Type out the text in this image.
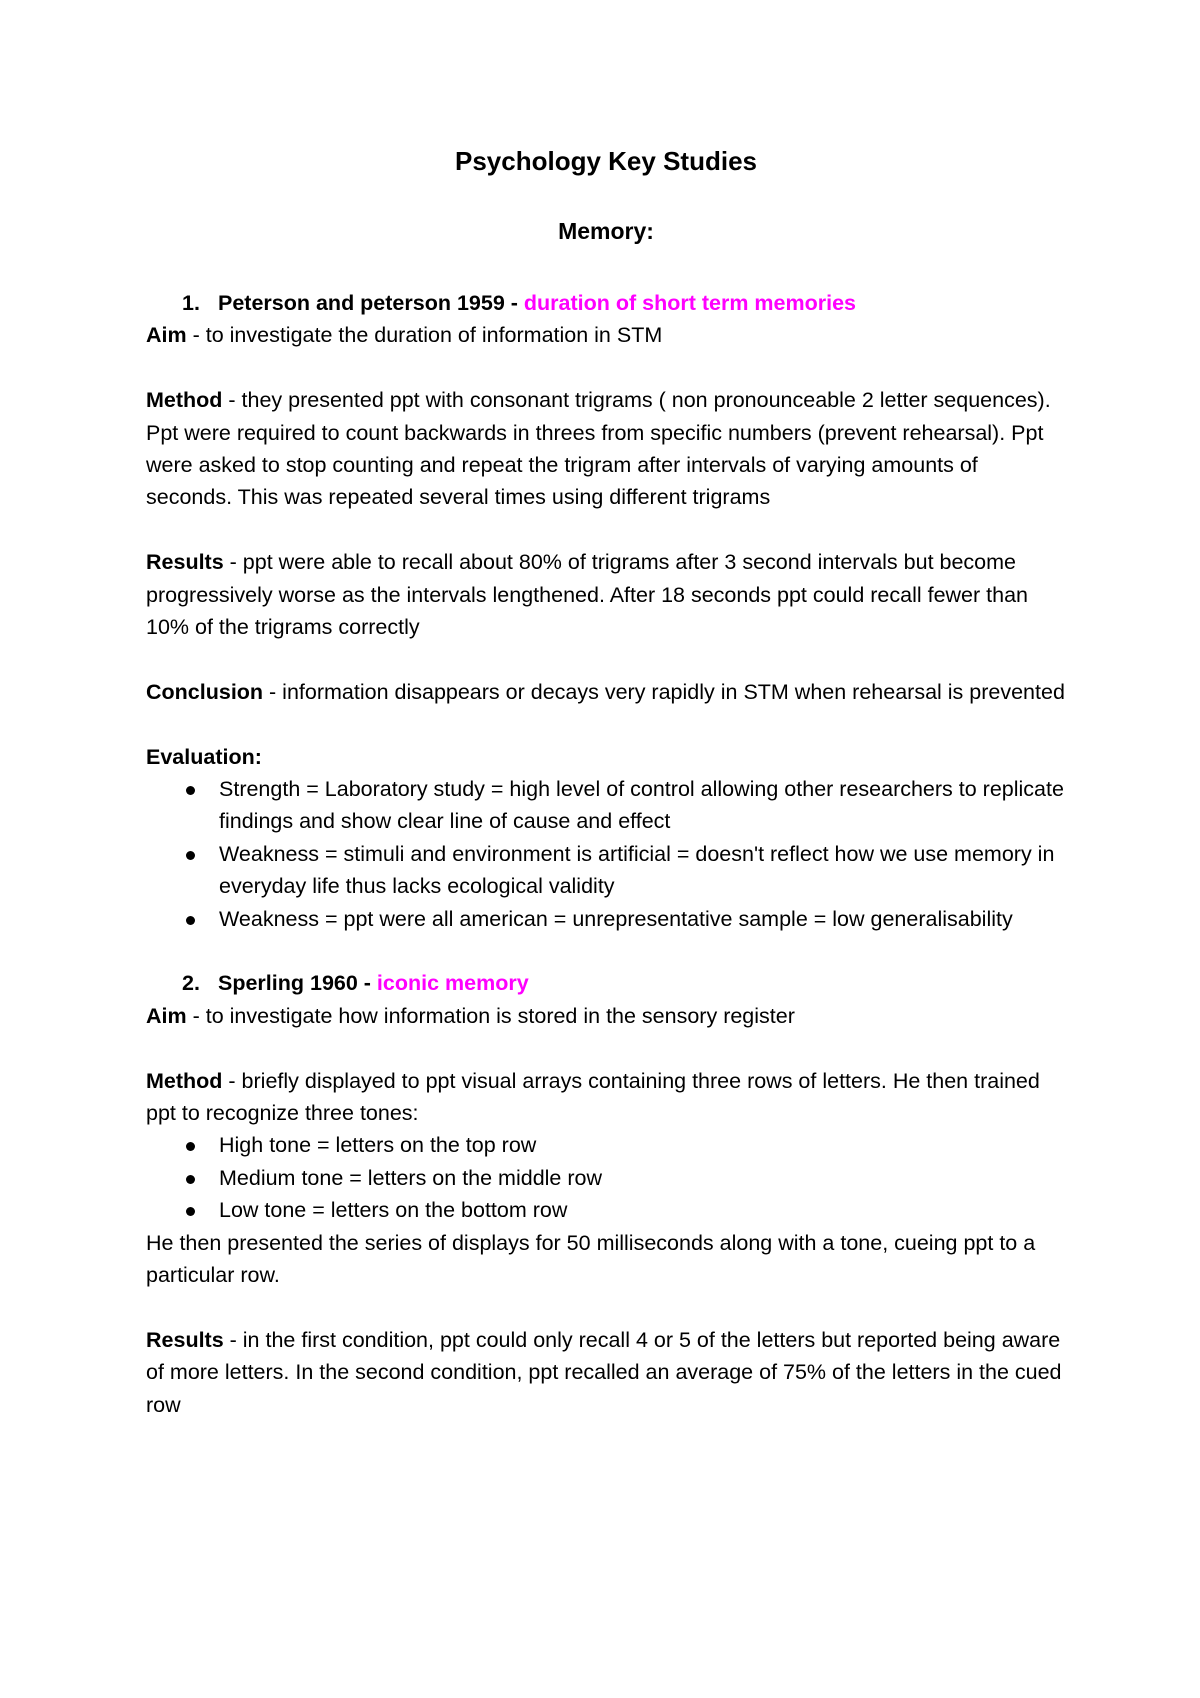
Psychology Key Studies
Memory:

1. Peterson and peterson 1959 - duration of short term memories

Aim - to investigate the duration of information in STM

Method - they presented ppt with consonant trigrams ( non pronounceable 2 letter sequences). Ppt were required to count backwards in threes from specific numbers (prevent rehearsal). Ppt were asked to stop counting and repeat the trigram after intervals of varying amounts of seconds. This was repeated several times using different trigrams

Results - ppt were able to recall about 80% of trigrams after 3 second intervals but become progressively worse as the intervals lengthened. After 18 seconds ppt could recall fewer than 10% of the trigrams correctly

Conclusion - information disappears or decays very rapidly in STM when rehearsal is prevented

Evaluation:

Strength = Laboratory study = high level of control allowing other researchers to replicate findings and show clear line of cause and effect
Weakness = stimuli and environment is artificial = doesn't reflect how we use memory in everyday life thus lacks ecological validity
Weakness = ppt were all american = unrepresentative sample = low generalisability

2. Sperling 1960 - iconic memory

Aim - to investigate how information is stored in the sensory register

Method - briefly displayed to ppt visual arrays containing three rows of letters. He then trained ppt to recognize three tones:

High tone = letters on the top row
Medium tone = letters on the middle row
Low tone = letters on the bottom row

He then presented the series of displays for 50 milliseconds along with a tone, cueing ppt to a particular row.

Results - in the first condition, ppt could only recall 4 or 5 of the letters but reported being aware of more letters. In the second condition, ppt recalled an average of 75% of the letters in the cued row
